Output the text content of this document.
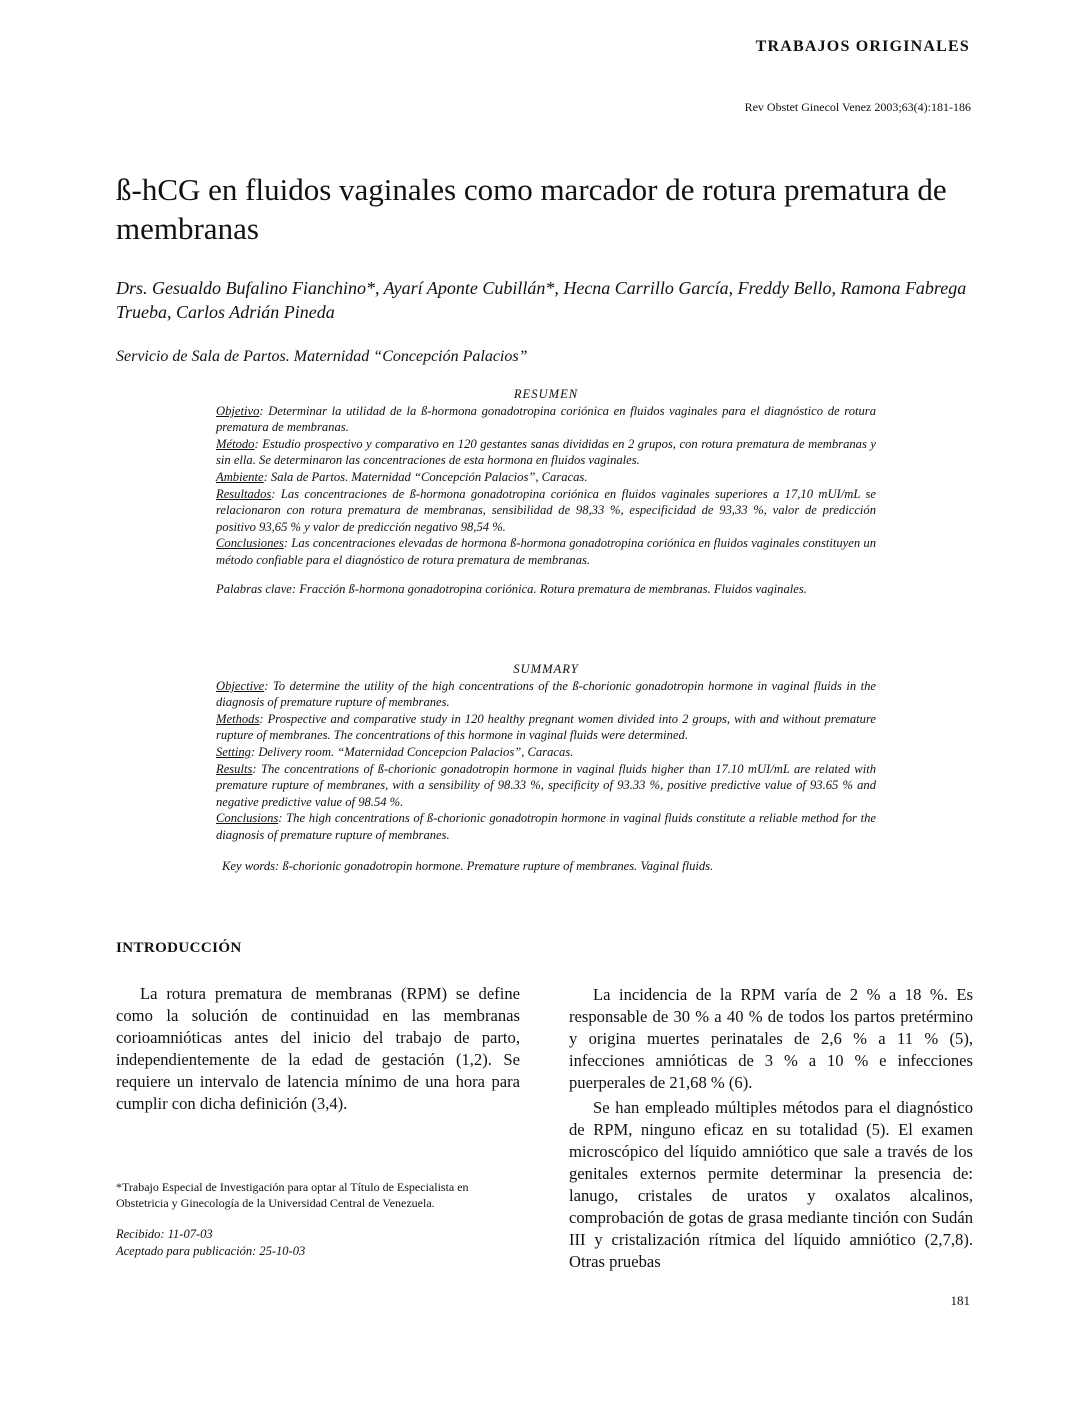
TRABAJOS ORIGINALES
Rev Obstet Ginecol Venez 2003;63(4):181-186
ß-hCG en fluidos vaginales como marcador de rotura prematura de membranas
Drs. Gesualdo Bufalino Fianchino*, Ayarí Aponte Cubillán*, Hecna Carrillo García, Freddy Bello, Ramona Fabrega Trueba, Carlos Adrián Pineda
Servicio de Sala de Partos. Maternidad “Concepción Palacios”
RESUMEN

Objetivo: Determinar la utilidad de la ß-hormona gonadotropina coriónica en fluidos vaginales para el diagnóstico de rotura prematura de membranas.

Método: Estudio prospectivo y comparativo en 120 gestantes sanas divididas en 2 grupos, con rotura prematura de membranas y sin ella. Se determinaron las concentraciones de esta hormona en fluidos vaginales.

Ambiente: Sala de Partos. Maternidad “Concepción Palacios”, Caracas.

Resultados: Las concentraciones de ß-hormona gonadotropina coriónica en fluidos vaginales superiores a 17,10 mUI/mL se relacionaron con rotura prematura de membranas, sensibilidad de 98,33 %, especificidad de 93,33 %, valor de predicción positivo 93,65 % y valor de predicción negativo 98,54 %.

Conclusiones: Las concentraciones elevadas de hormona ß-hormona gonadotropina coriónica en fluidos vaginales constituyen un método confiable para el diagnóstico de rotura prematura de membranas.

Palabras clave: Fracción ß-hormona gonadotropina coriónica. Rotura prematura de membranas. Fluidos vaginales.

SUMMARY

Objective: To determine the utility of the high concentrations of the ß-chorionic gonadotropin hormone in vaginal fluids in the diagnosis of premature rupture of membranes.

Methods: Prospective and comparative study in 120 healthy pregnant women divided into 2 groups, with and without premature rupture of membranes. The concentrations of this hormone in vaginal fluids were determined.

Setting: Delivery room. “Maternidad Concepcion Palacios”, Caracas.

Results: The concentrations of ß-chorionic gonadotropin hormone in vaginal fluids higher than 17.10 mUI/mL are related with premature rupture of membranes, with a sensibility of 98.33 %, specificity of 93.33 %, positive predictive value of 93.65 % and negative predictive value of 98.54 %.

Conclusions: The high concentrations of ß-chorionic gonadotropin hormone in vaginal fluids constitute a reliable method for the diagnosis of premature rupture of membranes.

Key words: ß-chorionic gonadotropin hormone. Premature rupture of membranes. Vaginal fluids.

INTRODUCCIÓN

La rotura prematura de membranas (RPM) se define como la solución de continuidad en las membranas corioamnióticas antes del inicio del trabajo de parto, independientemente de la edad de gestación (1,2). Se requiere un intervalo de latencia mínimo de una hora para cumplir con dicha definición (3,4).

La incidencia de la RPM varía de 2 % a 18 %. Es responsable de 30 % a 40 % de todos los partos pretérmino y origina muertes perinatales de 2,6 % a 11 % (5), infecciones amnióticas de 3 % a 10 % e infecciones puerperales de 21,68 % (6).

Se han empleado múltiples métodos para el diagnóstico de RPM, ninguno eficaz en su totalidad (5). El examen microscópico del líquido amniótico que sale a través de los genitales externos permite determinar la presencia de: lanugo, cristales de uratos y oxalatos alcalinos, comprobación de gotas de grasa mediante tinción con Sudán III y cristalización rítmica del líquido amniótico (2,7,8). Otras pruebas

*Trabajo Especial de Investigación para optar al Título de Especialista en Obstetricia y Ginecología de la Universidad Central de Venezuela.
Recibido: 11-07-03
Aceptado para publicación: 25-10-03
181
